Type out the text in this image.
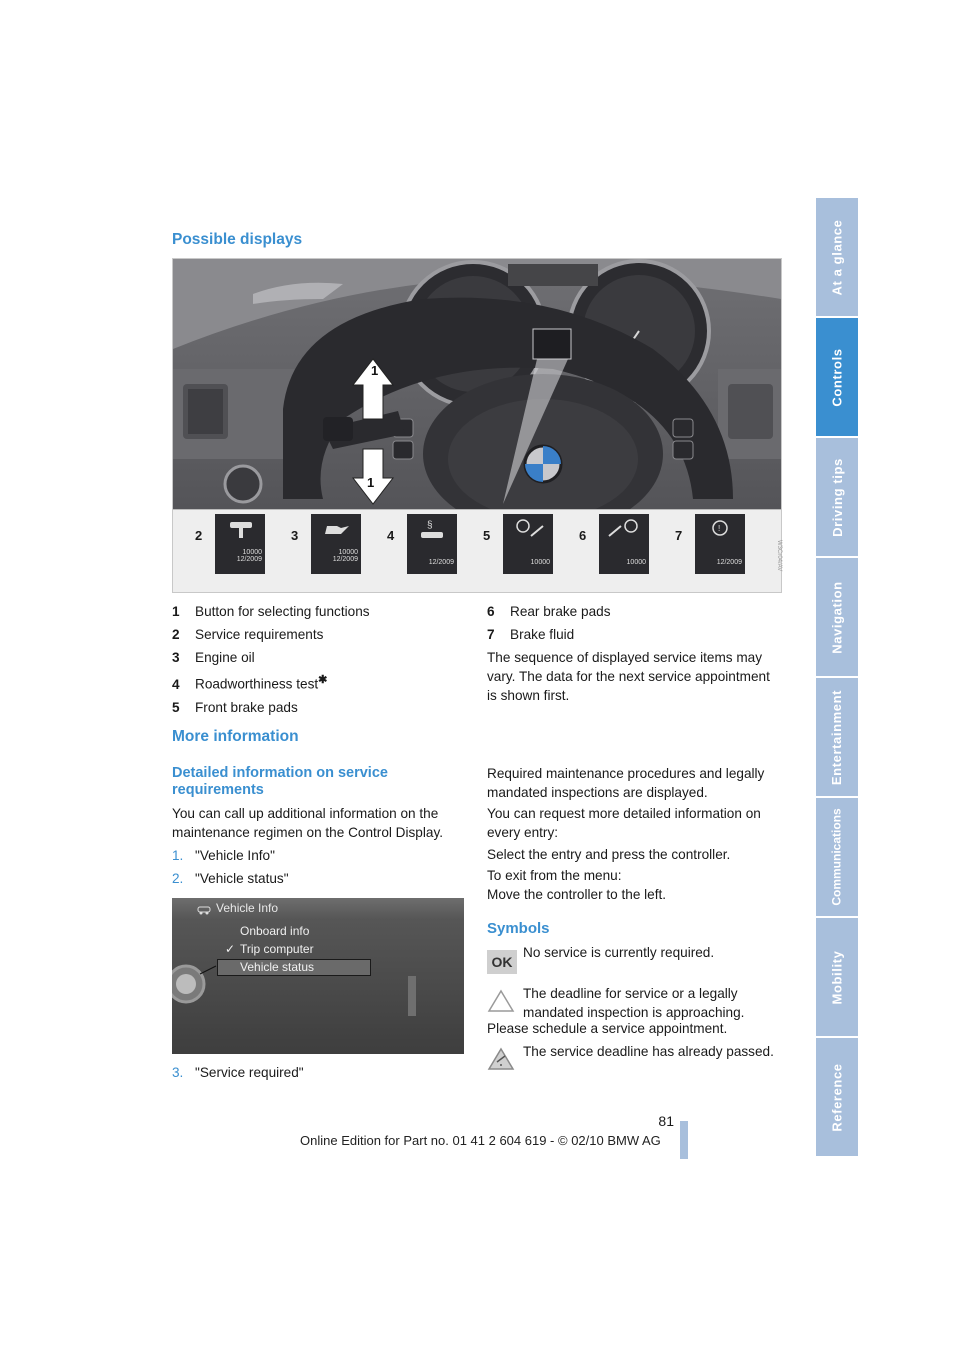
At a glance
Controls
Driving tips
Navigation
Entertainment
Communications
Mobility
Reference
Possible displays
1
1
2
10000
12/2009
3
10000
12/2009
4
§
12/2009
5
10000
6
10000
7	!
12/2009	W3Cr04/AV
1 Button for selecting functions
2 Service requirements
3 Engine oil
4 Roadworthiness test✱
5 Front brake pads
6 Rear brake pads
7 Brake fluid
The sequence of displayed service items may vary. The data for the next service appointment is shown first.
More information
Detailed information on service requirements
You can call up additional information on the maintenance regimen on the Control Display.
1. "Vehicle Info"
2. "Vehicle status"
Vehicle Info
Onboard info
✓ Trip computer
Vehicle status
3. "Service required"
Required maintenance procedures and legally mandated inspections are displayed.
You can request more detailed information on every entry:
Select the entry and press the controller.
To exit from the menu:
Move the controller to the left.
Symbols
OK
No service is currently required.
The deadline for service or a legally mandated inspection is approaching.
Please schedule a service appointment.
The service deadline has already passed.
81
Online Edition for Part no. 01 41 2 604 619 - © 02/10 BMW AG
